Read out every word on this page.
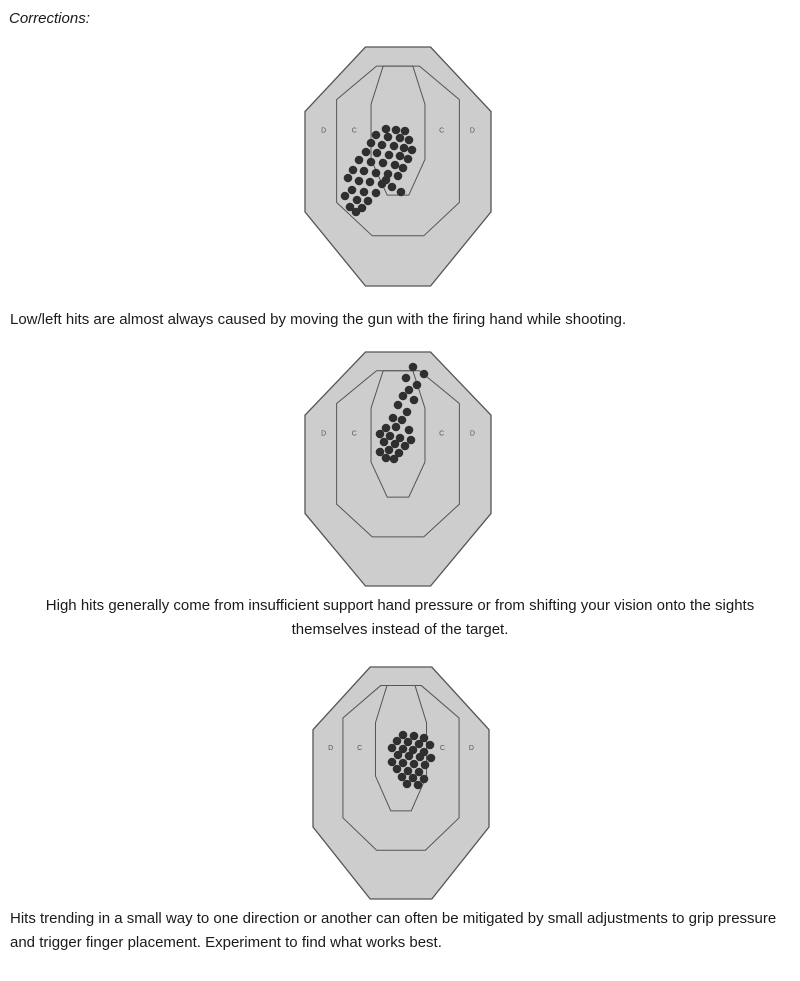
Corrections:

D	C	C	D

Low/left hits are almost always caused by moving the gun with the firing hand while shooting.

D	C	C	D

High hits generally come from insufficient support hand pressure or from shifting your vision onto the sights themselves instead of the target.

D	C	C	D

Hits trending in a small way to one direction or another can often be mitigated by small adjustments to grip pressure and trigger finger placement. Experiment to find what works best.
